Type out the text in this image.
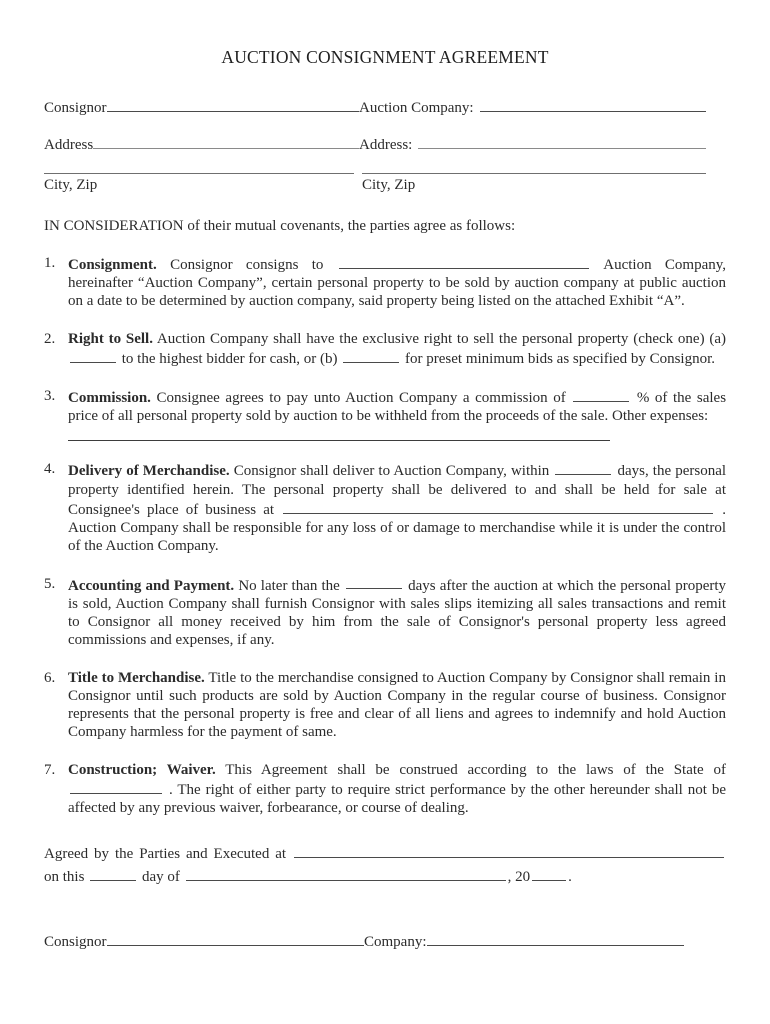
AUCTION CONSIGNMENT AGREEMENT
Consignor	Auction Company:
Address	Address:
City, Zip	City, Zip
IN CONSIDERATION of their mutual covenants, the parties agree as follows:
1. Consignment. Consignor consigns to	Auction Company, hereinafter “Auction Company”, certain personal property to be sold by auction company at public auction on a date to be determined by auction company, said property being listed on the attached Exhibit “A”.
2. Right to Sell. Auction Company shall have the exclusive right to sell the personal property (check one) (a)  to the highest bidder for cash, or (b)	for preset minimum bids as specified by Consignor.
3. Commission. Consignee agrees to pay unto Auction Company a commission of	% of the sales price of all personal property sold by auction to be withheld from the proceeds of the sale. Other expenses:
4. Delivery of Merchandise. Consignor shall deliver to Auction Company, within	days, the personal property identified herein. The personal property shall be delivered to and shall be held for sale at Consignee's place of business at	. Auction Company shall be responsible for any loss of or damage to merchandise while it is under the control of the Auction Company.
5. Accounting and Payment. No later than the	days after the auction at which the personal property is sold, Auction Company shall furnish Consignor with sales slips itemizing all sales transactions and remit to Consignor all money received by him from the sale of Consignor's personal property less agreed commissions and expenses, if any.
6. Title to Merchandise. Title to the merchandise consigned to Auction Company by Consignor shall remain in Consignor until such products are sold by Auction Company in the regular course of business. Consignor represents that the personal property is free and clear of all liens and agrees to indemnify and hold Auction Company harmless for the payment of same.
7. Construction; Waiver. This Agreement shall be construed according to the laws of the State of  . The right of either party to require strict performance by the other hereunder shall not be affected by any previous waiver, forbearance, or course of dealing.
Agreed by the Parties and Executed at  on this	day of	, 20	.
Consignor	Company:
